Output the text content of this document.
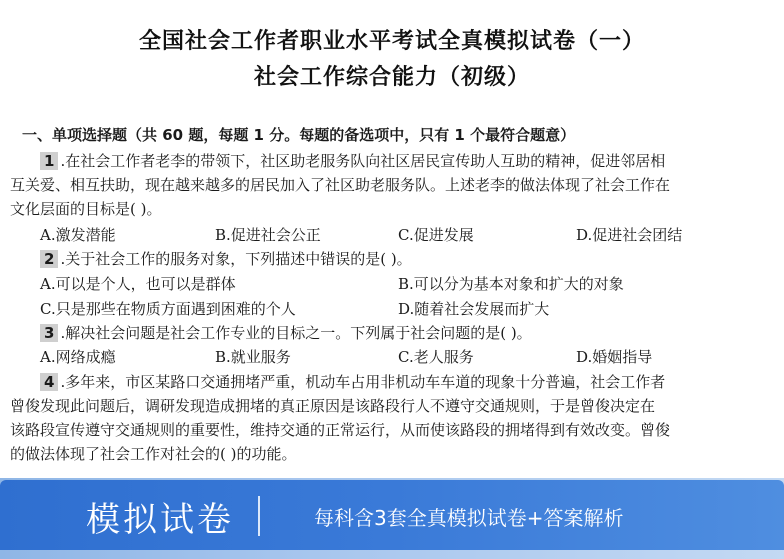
全国社会工作者职业水平考试全真模拟试卷（一）
社会工作综合能力（初级）
一、单项选择题（共 60 题，每题 1 分。每题的备选项中，只有 1 个最符合题意）
1 .在社会工作者老李的带领下，社区助老服务队向社区居民宣传助人互助的精神，促进邻居相
互关爱、相互扶助，现在越来越多的居民加入了社区助老服务队。上述老李的做法体现了社会工作在
文化层面的目标是( )。
A.激发潜能	B.促进社会公正	C.促进发展	D.促进社会团结
2 .关于社会工作的服务对象，下列描述中错误的是( )。
A.可以是个人，也可以是群体	B.可以分为基本对象和扩大的对象
C.只是那些在物质方面遇到困难的个人	D.随着社会发展而扩大
3 .解决社会问题是社会工作专业的目标之一。下列属于社会问题的是( )。
A.网络成瘾	B.就业服务	C.老人服务	D.婚姻指导
4 .多年来，市区某路口交通拥堵严重，机动车占用非机动车车道的现象十分普遍，社会工作者
曾俊发现此问题后，调研发现造成拥堵的真正原因是该路段行人不遵守交通规则，于是曾俊决定在
该路段宣传遵守交通规则的重要性，维持交通的正常运行，从而使该路段的拥堵得到有效改变。曾俊
的做法体现了社会工作对社会的( )的功能。
模拟试卷	每科含3套全真模拟试卷+答案解析
